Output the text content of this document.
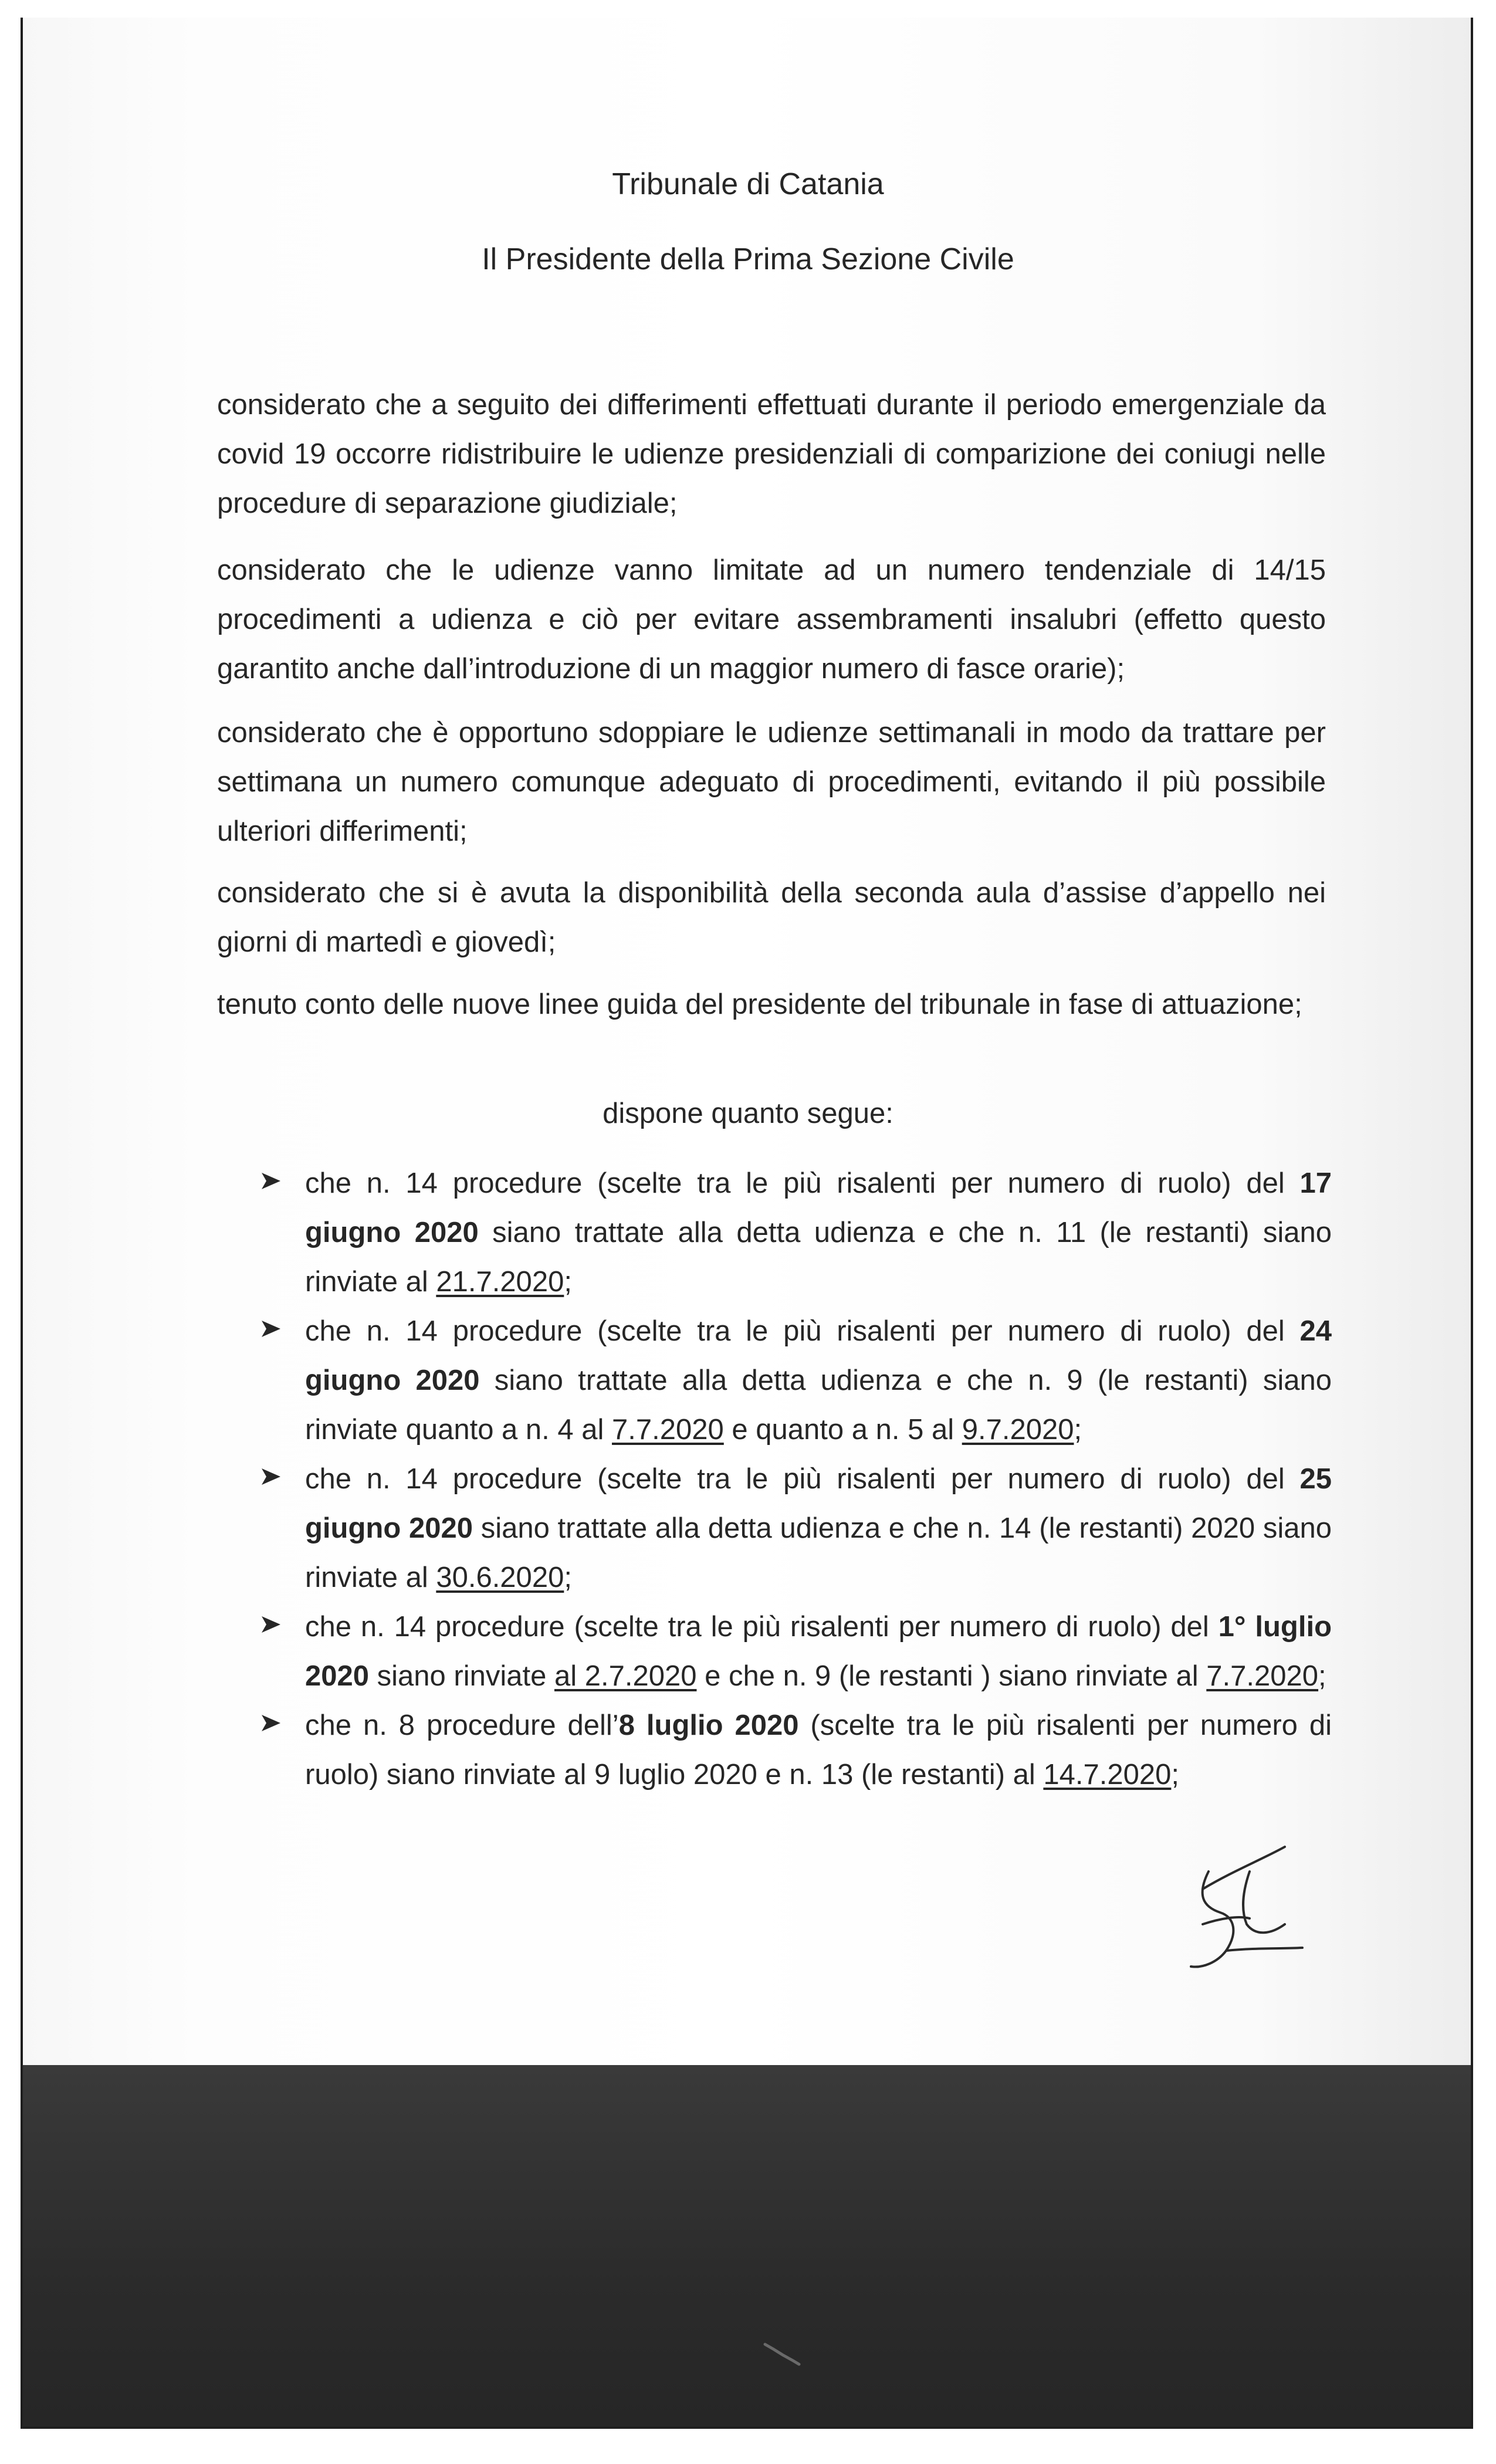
Tribunale di Catania
Il Presidente della Prima Sezione Civile

considerato che a seguito dei differimenti effettuati durante il periodo emergenziale da covid 19 occorre ridistribuire le udienze presidenziali di comparizione dei coniugi nelle procedure di separazione giudiziale;

considerato che le udienze vanno limitate ad un numero tendenziale di 14/15 procedimenti a udienza e ciò per evitare assembramenti insalubri (effetto questo garantito anche dall’introduzione di un maggior numero di fasce orarie);

considerato che è opportuno sdoppiare le udienze settimanali in modo da trattare per settimana un numero comunque adeguato di procedimenti, evitando il più possibile ulteriori differimenti;

considerato che si è avuta la disponibilità della seconda aula d’assise d’appello nei giorni di martedì e giovedì;

tenuto conto delle nuove linee guida del presidente del tribunale in fase di attuazione;

dispone quanto segue:
che n. 14 procedure (scelte tra le più risalenti per numero di ruolo) del 17 giugno 2020 siano trattate alla detta udienza e che n. 11 (le restanti) siano rinviate al 21.7.2020;
che n. 14 procedure (scelte tra le più risalenti per numero di ruolo) del 24 giugno 2020 siano trattate alla detta udienza e che n. 9 (le restanti) siano rinviate quanto a n. 4 al 7.7.2020 e quanto a n. 5 al 9.7.2020;
che n. 14 procedure (scelte tra le più risalenti per numero di ruolo) del 25 giugno 2020 siano trattate alla detta udienza e che n. 14 (le restanti) 2020 siano rinviate al 30.6.2020;
che n. 14 procedure (scelte tra le più risalenti per numero di ruolo) del 1° luglio 2020 siano rinviate al 2.7.2020 e che n. 9 (le restanti ) siano rinviate al 7.7.2020;
che n. 8 procedure dell’8 luglio 2020 (scelte tra le più risalenti per numero di ruolo) siano rinviate al 9 luglio 2020 e n. 13 (le restanti) al 14.7.2020;
